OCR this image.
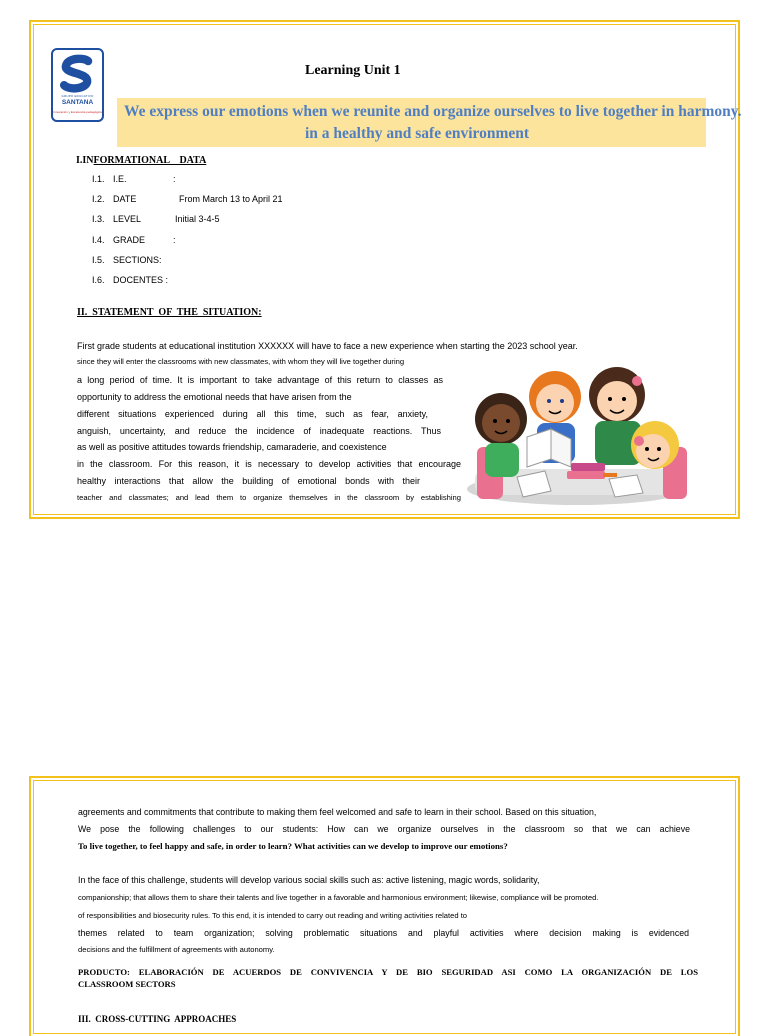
GRUPO EDUCATIVO
SANTANA
Innovación y Excelencia pedagógica
Learning Unit 1
We express our emotions when we reunite and organize ourselves to live together in harmony.
in a healthy and safe environment
I.INFORMATIONAL    DATA
I.1. I.E.	:
I.2. DATE	From March 13 to April 21
I.3. LEVEL	Initial 3-4-5
I.4. GRADE	:
I.5. SECTIONS:
I.6. DOCENTES :
II.  STATEMENT  OF  THE  SITUATION:
First grade students at educational institution XXXXXX will have to face a new experience when starting the 2023 school year.
since they will enter the classrooms with new classmates, with whom they will live together during
a long period of time. It is important to take advantage of this return to classes as
opportunity to address the emotional needs that have arisen from the
different situations experienced during all this time, such as fear, anxiety,
anguish, uncertainty, and reduce the incidence of inadequate reactions. Thus
as well as positive attitudes towards friendship, camaraderie, and coexistence
in the classroom. For this reason, it is necessary to develop activities that encourage
healthy interactions that allow the building of emotional bonds with their
teacher and classmates; and lead them to organize themselves in the classroom by establishing
agreements and commitments that contribute to making them feel welcomed and safe to learn in their school. Based on this situation,
We pose the following challenges to our students: How can we organize ourselves in the classroom so that we can achieve
To live together, to feel happy and safe, in order to learn? What activities can we develop to improve our emotions?
In the face of this challenge, students will develop various social skills such as: active listening, magic words, solidarity,
companionship; that allows them to share their talents and live together in a favorable and harmonious environment; likewise, compliance will be promoted.
of responsibilities and biosecurity rules. To this end, it is intended to carry out reading and writing activities related to
themes related to team organization; solving problematic situations and playful activities where decision making is evidenced
decisions and the fulfillment of agreements with autonomy.
PRODUCTO: ELABORACIÓN DE ACUERDOS DE CONVIVENCIA Y DE BIO SEGURIDAD ASI COMO LA ORGANIZACIÓN DE LOS
CLASSROOM SECTORS
III.  CROSS-CUTTING  APPROACHES
